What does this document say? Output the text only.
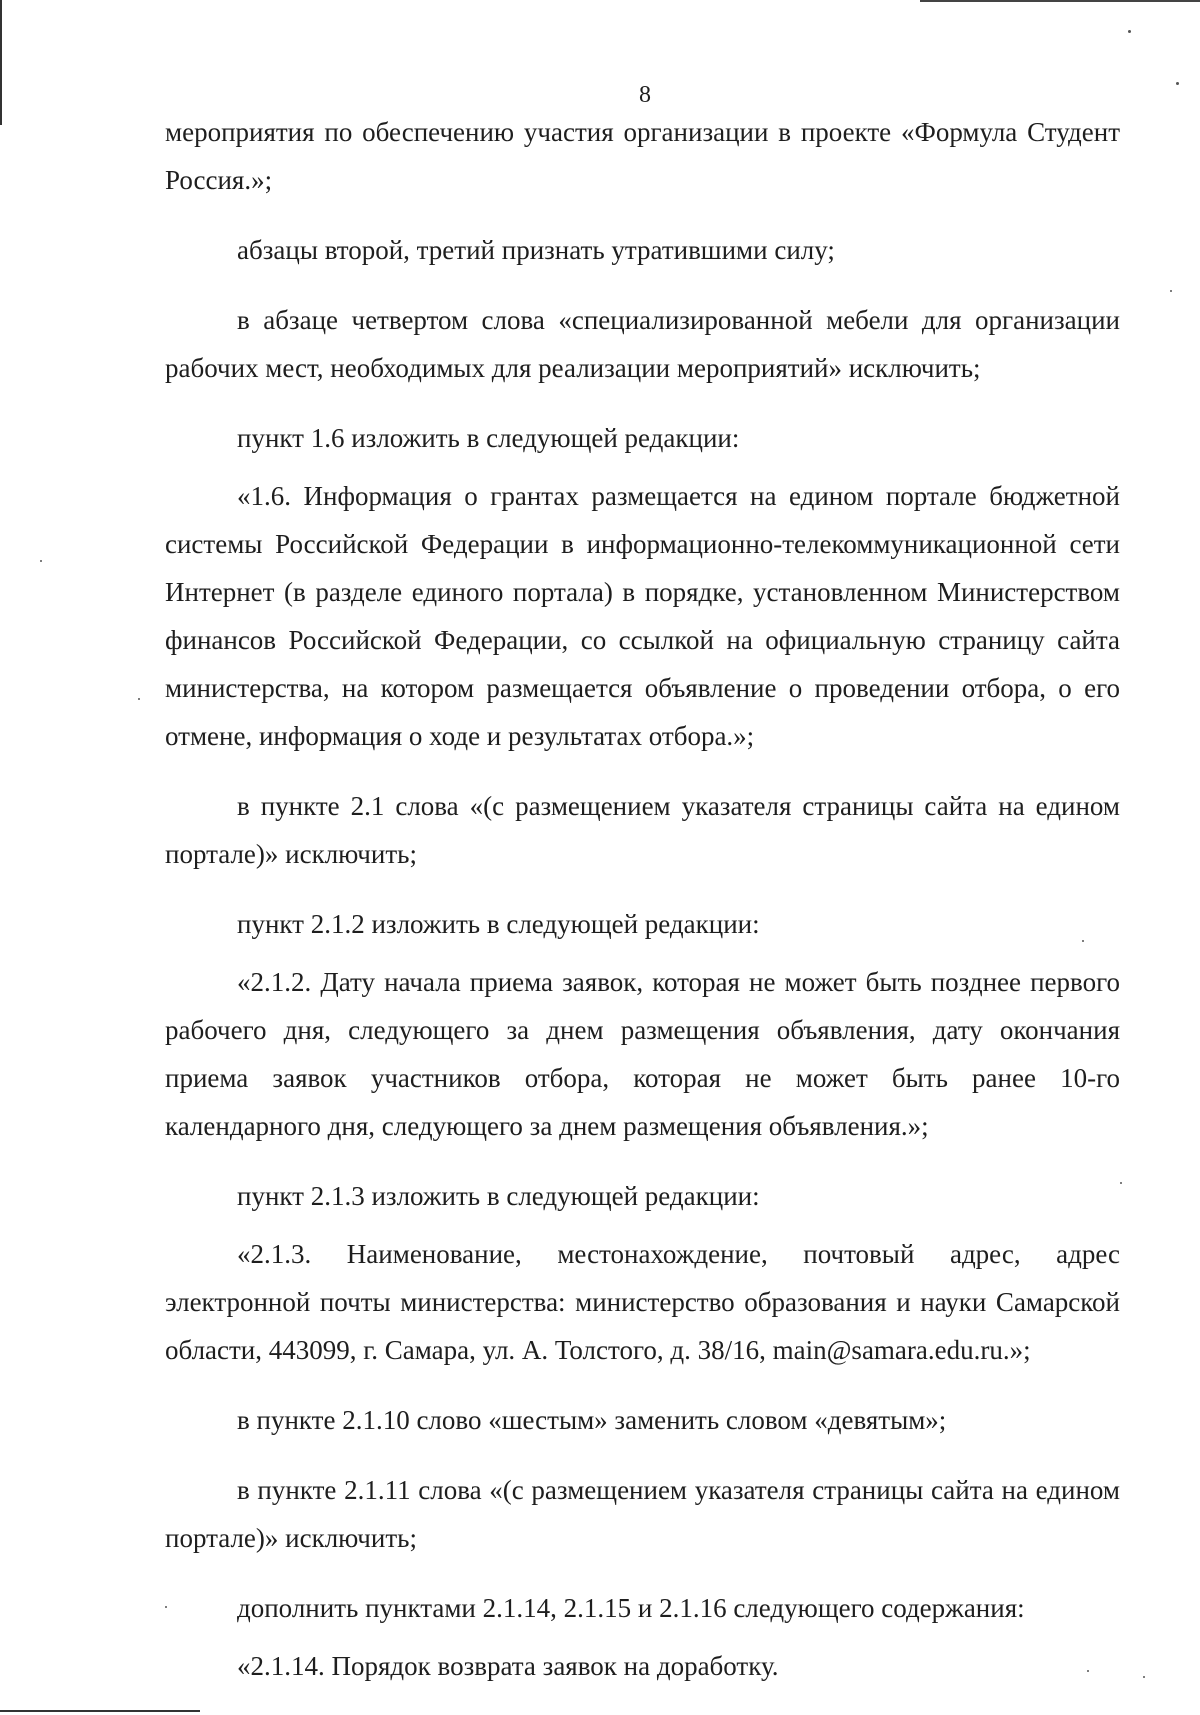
8

мероприятия по обеспечению участия организации в проекте «Формула Студент Россия.»;

абзацы второй, третий признать утратившими силу;

в абзаце четвертом слова «специализированной мебели для организации рабочих мест, необходимых для реализации мероприятий» исключить;

пункт 1.6 изложить в следующей редакции:

«1.6. Информация о грантах размещается на едином портале бюджетной системы Российской Федерации в информационно-телекоммуникационной сети Интернет (в разделе единого портала) в порядке, установленном Министерством финансов Российской Федерации, со ссылкой на официальную страницу сайта министерства, на котором размещается объявление о проведении отбора, о его отмене, информация о ходе и результатах отбора.»;

в пункте 2.1 слова «(с размещением указателя страницы сайта на едином портале)» исключить;

пункт 2.1.2 изложить в следующей редакции:

«2.1.2. Дату начала приема заявок, которая не может быть позднее первого рабочего дня, следующего за днем размещения объявления, дату окончания приема заявок участников отбора, которая не может быть ранее 10-го календарного дня, следующего за днем размещения объявления.»;

пункт 2.1.3 изложить в следующей редакции:

«2.1.3. Наименование, местонахождение, почтовый адрес, адрес электронной почты министерства: министерство образования и науки Самарской области, 443099, г. Самара, ул. А. Толстого, д. 38/16, main@samara.edu.ru.»;

в пункте 2.1.10 слово «шестым» заменить словом «девятым»;

в пункте 2.1.11 слова «(с размещением указателя страницы сайта на едином портале)» исключить;

дополнить пунктами 2.1.14, 2.1.15 и 2.1.16 следующего содержания:

«2.1.14. Порядок возврата заявок на доработку.
